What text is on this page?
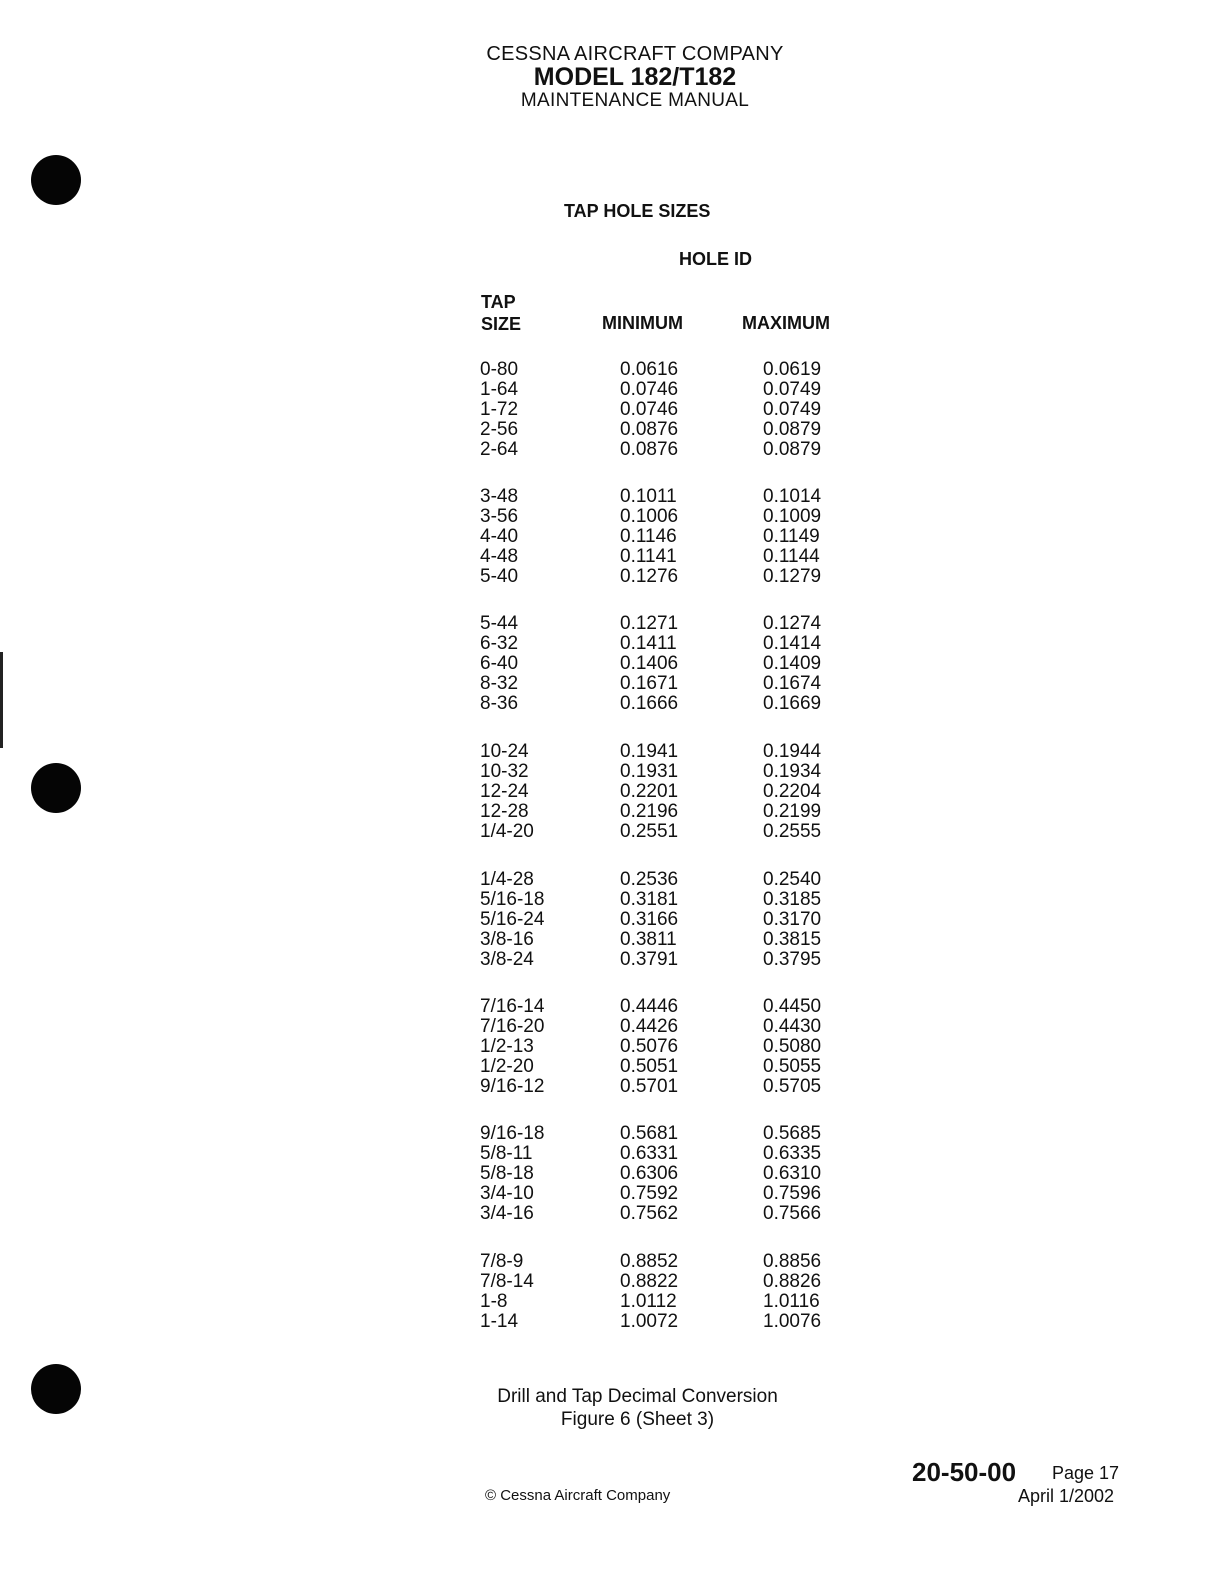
CESSNA AIRCRAFT COMPANY
MODEL 182/T182
MAINTENANCE MANUAL
TAP HOLE SIZES
HOLE ID
TAP
SIZE	MINIMUM	MAXIMUM
0-80	0.0616	0.0619
1-64	0.0746	0.0749
1-72	0.0746	0.0749
2-56	0.0876	0.0879
2-64	0.0876	0.0879
3-48	0.1011	0.1014
3-56	0.1006	0.1009
4-40	0.1146	0.1149
4-48	0.1141	0.1144
5-40	0.1276	0.1279
5-44	0.1271	0.1274
6-32	0.1411	0.1414
6-40	0.1406	0.1409
8-32	0.1671	0.1674
8-36	0.1666	0.1669
10-24	0.1941	0.1944
10-32	0.1931	0.1934
12-24	0.2201	0.2204
12-28	0.2196	0.2199
1/4-20	0.2551	0.2555
1/4-28	0.2536	0.2540
5/16-18	0.3181	0.3185
5/16-24	0.3166	0.3170
3/8-16	0.3811	0.3815
3/8-24	0.3791	0.3795
7/16-14	0.4446	0.4450
7/16-20	0.4426	0.4430
1/2-13	0.5076	0.5080
1/2-20	0.5051	0.5055
9/16-12	0.5701	0.5705
9/16-18	0.5681	0.5685
5/8-11	0.6331	0.6335
5/8-18	0.6306	0.6310
3/4-10	0.7592	0.7596
3/4-16	0.7562	0.7566
7/8-9	0.8852	0.8856
7/8-14	0.8822	0.8826
1-8	1.0112	1.0116
1-14	1.0072	1.0076
Drill and Tap Decimal Conversion
Figure 6 (Sheet 3)
© Cessna Aircraft Company
20-50-00 Page 17
April 1/2002
